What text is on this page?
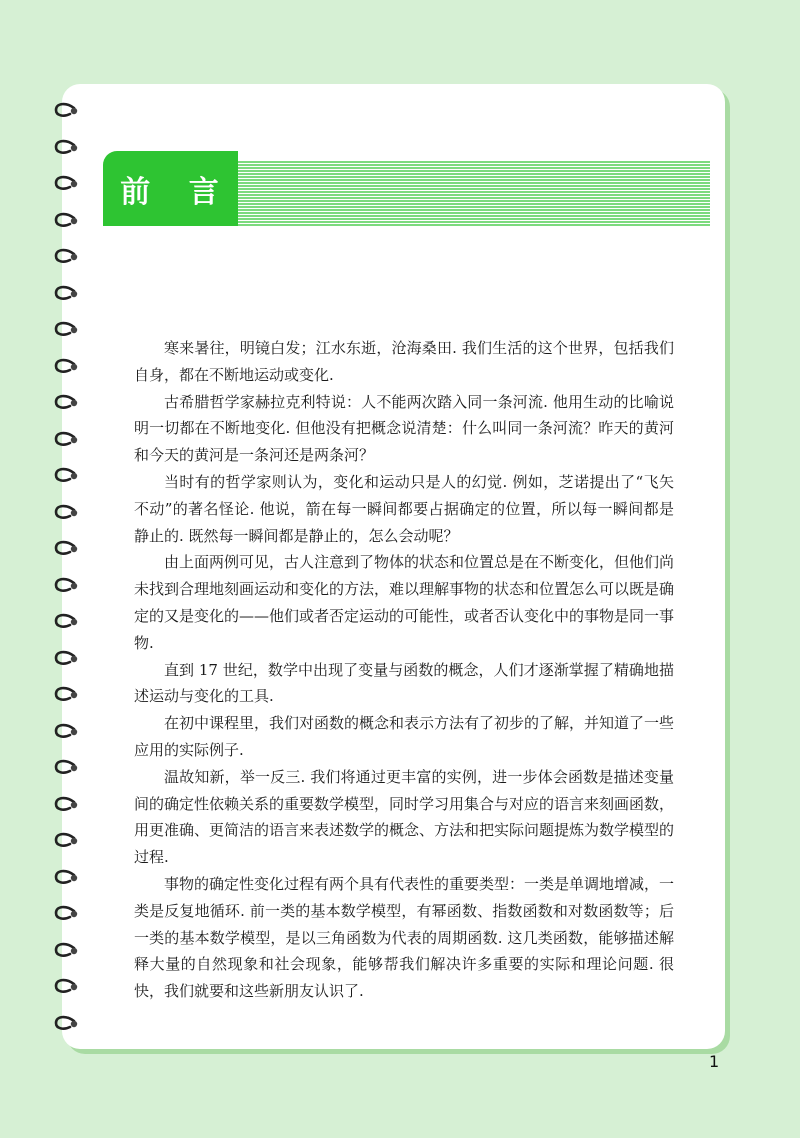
前 言

寒来暑往，明镜白发；江水东逝，沧海桑田. 我们生活的这个世界，包括我们自身，都在不断地运动或变化.

古希腊哲学家赫拉克利特说：人不能两次踏入同一条河流. 他用生动的比喻说明一切都在不断地变化. 但他没有把概念说清楚：什么叫同一条河流？昨天的黄河和今天的黄河是一条河还是两条河？

当时有的哲学家则认为，变化和运动只是人的幻觉. 例如，芝诺提出了“飞矢不动”的著名怪论. 他说，箭在每一瞬间都要占据确定的位置，所以每一瞬间都是静止的. 既然每一瞬间都是静止的，怎么会动呢？

由上面两例可见，古人注意到了物体的状态和位置总是在不断变化，但他们尚未找到合理地刻画运动和变化的方法，难以理解事物的状态和位置怎么可以既是确定的又是变化的——他们或者否定运动的可能性，或者否认变化中的事物是同一事物.

直到 17 世纪，数学中出现了变量与函数的概念，人们才逐渐掌握了精确地描述运动与变化的工具.

在初中课程里，我们对函数的概念和表示方法有了初步的了解，并知道了一些应用的实际例子.

温故知新，举一反三. 我们将通过更丰富的实例，进一步体会函数是描述变量间的确定性依赖关系的重要数学模型，同时学习用集合与对应的语言来刻画函数，用更准确、更简洁的语言来表述数学的概念、方法和把实际问题提炼为数学模型的过程.

事物的确定性变化过程有两个具有代表性的重要类型：一类是单调地增减，一类是反复地循环. 前一类的基本数学模型，有幂函数、指数函数和对数函数等；后一类的基本数学模型，是以三角函数为代表的周期函数. 这几类函数，能够描述解释大量的自然现象和社会现象，能够帮我们解决许多重要的实际和理论问题. 很快，我们就要和这些新朋友认识了.

1
